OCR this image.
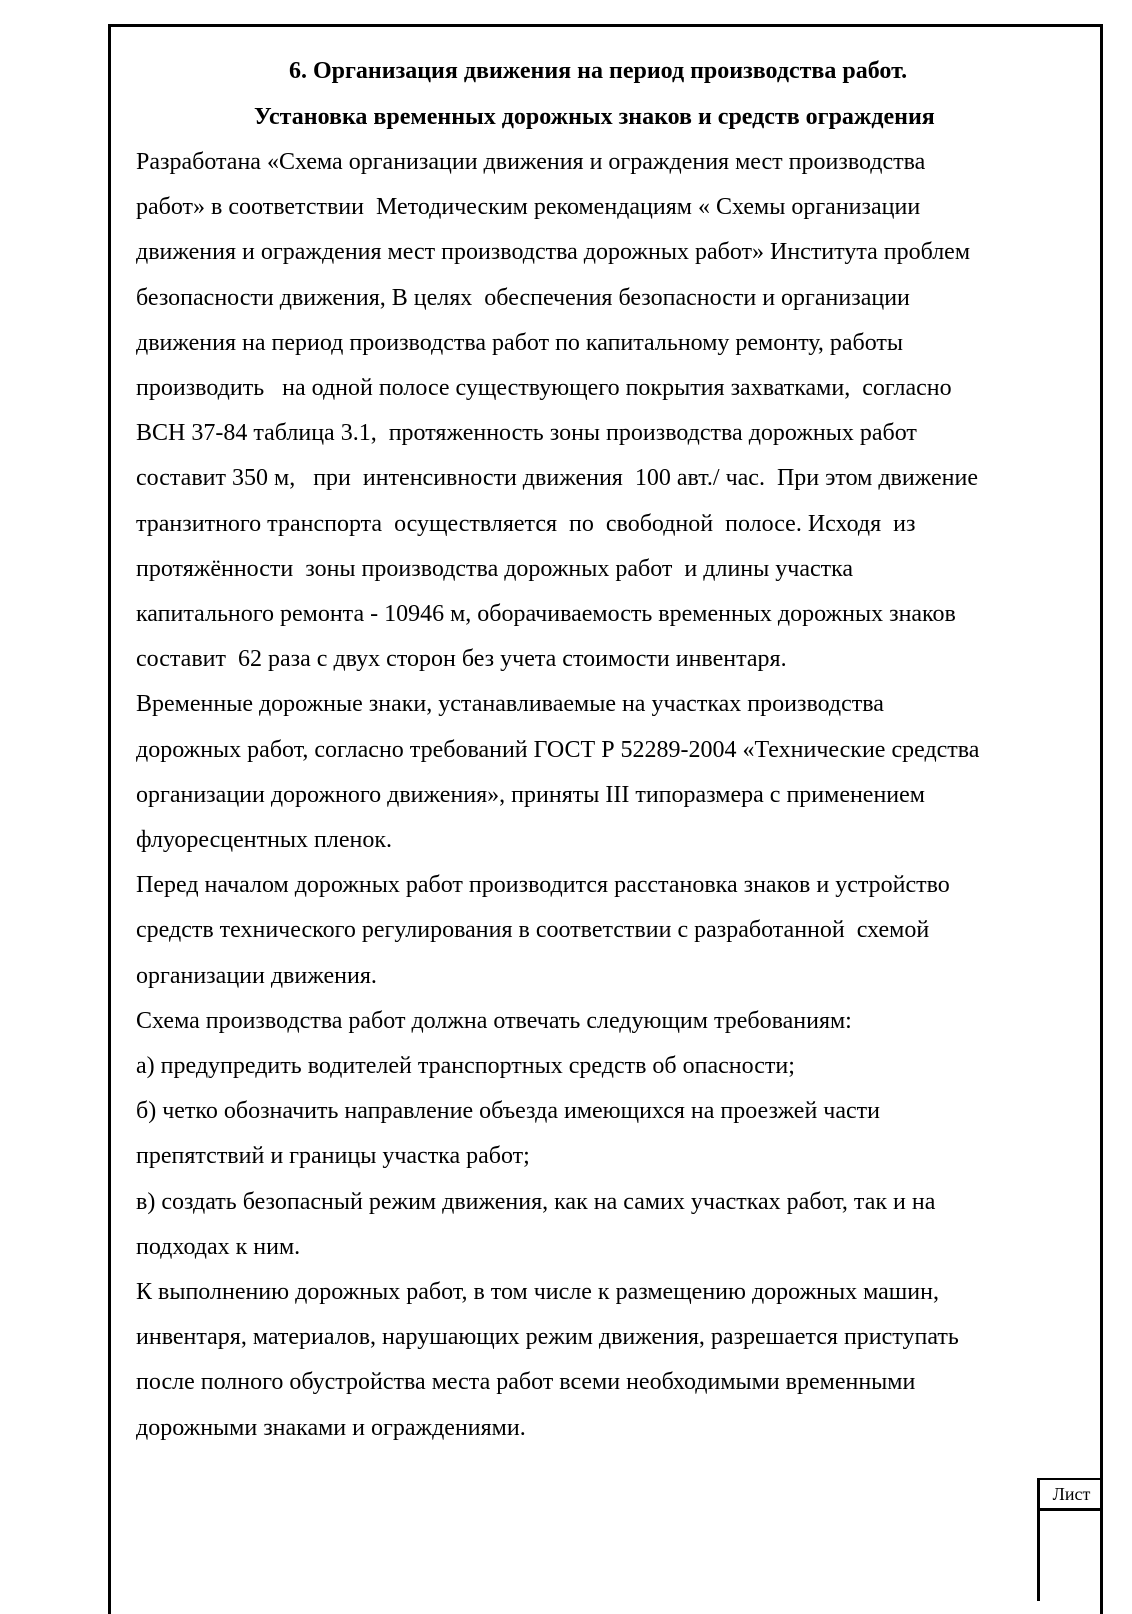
6. Организация движения на период производства работ.
Установка временных дорожных знаков и средств ограждения
Разработана «Схема организации движения и ограждения мест производства
работ» в соответствии  Методическим рекомендациям « Схемы организации
движения и ограждения мест производства дорожных работ» Института проблем
безопасности движения, В целях  обеспечения безопасности и организации
движения на период производства работ по капитальному ремонту, работы
производить   на одной полосе существующего покрытия захватками,  согласно
ВСН 37-84 таблица 3.1,  протяженность зоны производства дорожных работ
составит 350 м,   при  интенсивности движения  100 авт./ час.  При этом движение
транзитного транспорта  осуществляется  по  свободной  полосе. Исходя  из
протяжённости  зоны производства дорожных работ  и длины участка
капитального ремонта - 10946 м, оборачиваемость временных дорожных знаков
составит  62 раза с двух сторон без учета стоимости инвентаря.
Временные дорожные знаки, устанавливаемые на участках производства
дорожных работ, согласно требований ГОСТ Р 52289-2004 «Технические средства
организации дорожного движения», приняты III типоразмера с применением
флуоресцентных пленок.
Перед началом дорожных работ производится расстановка знаков и устройство
средств технического регулирования в соответствии с разработанной  схемой
организации движения.
Схема производства работ должна отвечать следующим требованиям:
а) предупредить водителей транспортных средств об опасности;
б) четко обозначить направление объезда имеющихся на проезжей части
препятствий и границы участка работ;
в) создать безопасный режим движения, как на самих участках работ, так и на
подходах к ним.
К выполнению дорожных работ, в том числе к размещению дорожных машин,
инвентаря, материалов, нарушающих режим движения, разрешается приступать
после полного обустройства места работ всеми необходимыми временными
дорожными знаками и ограждениями.
Лист
